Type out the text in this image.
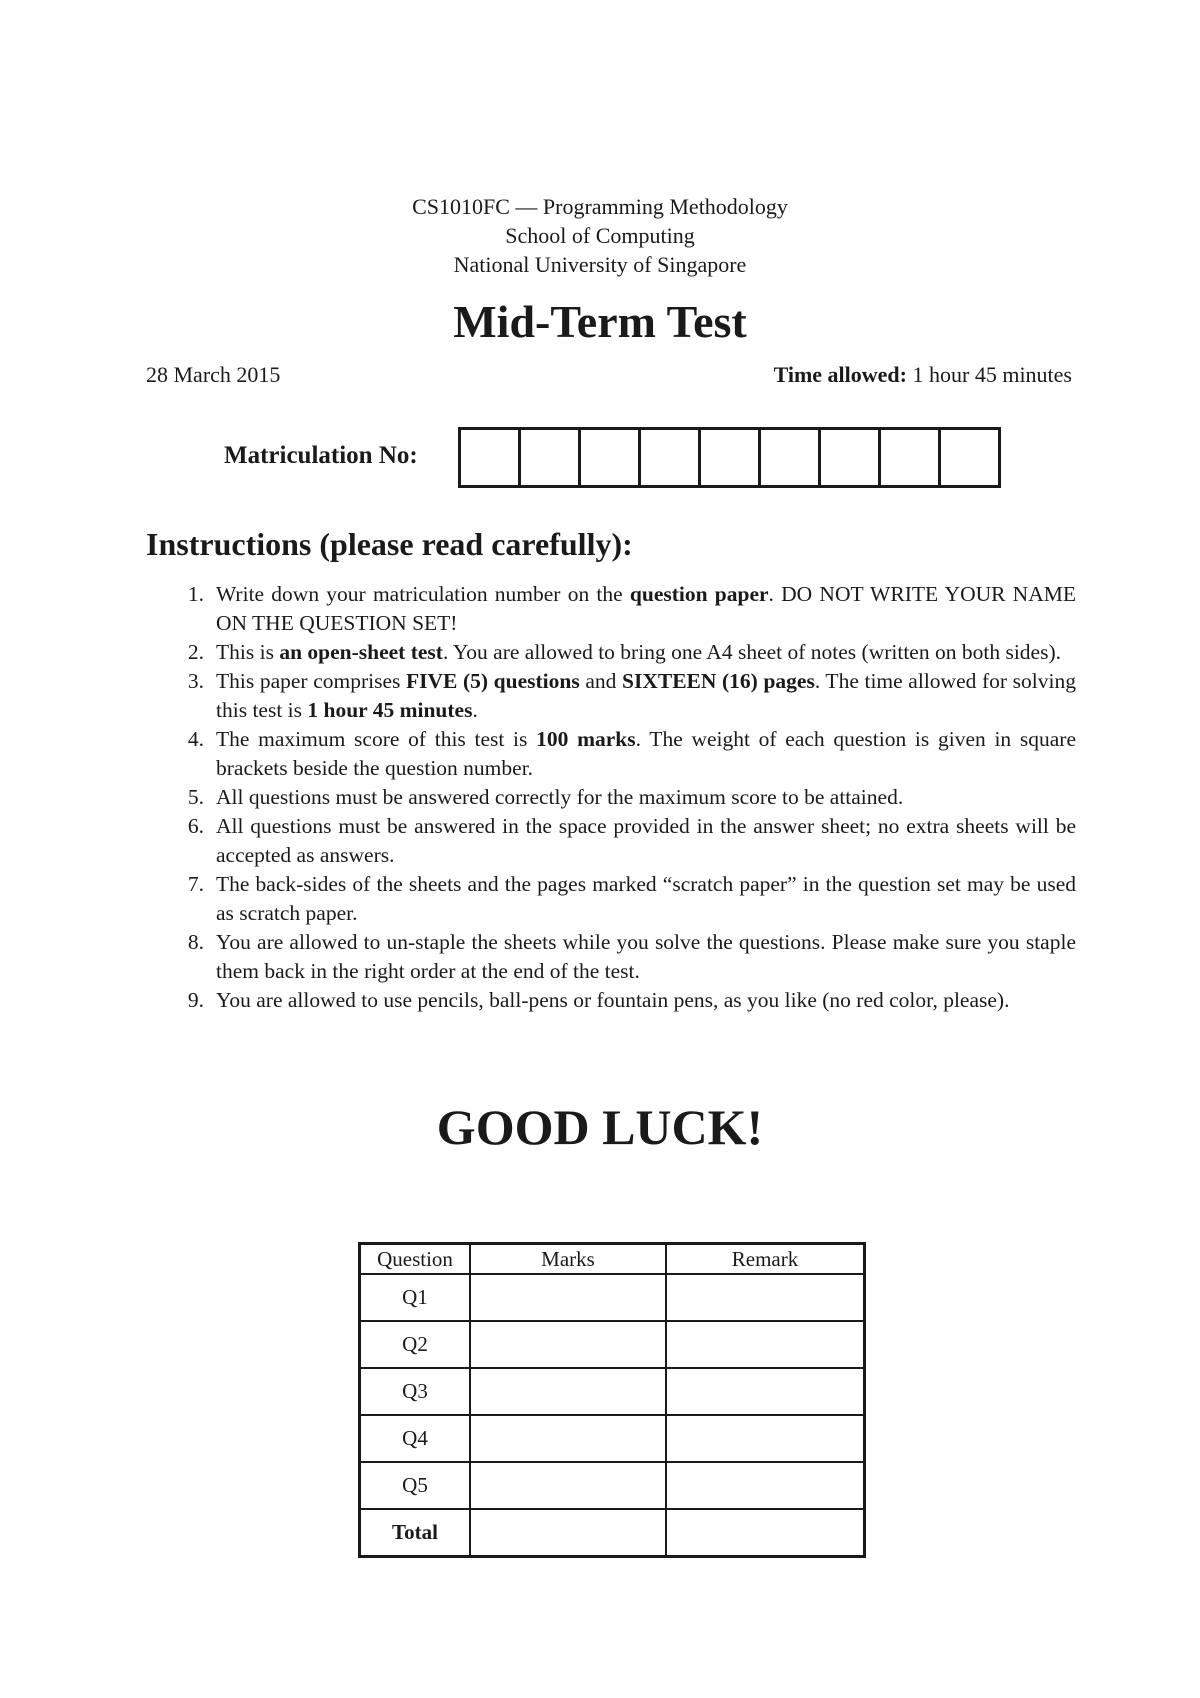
CS1010FC — Programming Methodology
School of Computing
National University of Singapore
Mid-Term Test
28 March 2015	Time allowed: 1 hour 45 minutes
Matriculation No:
Instructions (please read carefully):
1. Write down your matriculation number on the question paper. DO NOT WRITE YOUR NAME ON THE QUESTION SET!
2. This is an open-sheet test. You are allowed to bring one A4 sheet of notes (written on both sides).
3. This paper comprises FIVE (5) questions and SIXTEEN (16) pages. The time allowed for solving this test is 1 hour 45 minutes.
4. The maximum score of this test is 100 marks. The weight of each question is given in square brackets beside the question number.
5. All questions must be answered correctly for the maximum score to be attained.
6. All questions must be answered in the space provided in the answer sheet; no extra sheets will be accepted as answers.
7. The back-sides of the sheets and the pages marked “scratch paper” in the question set may be used as scratch paper.
8. You are allowed to un-staple the sheets while you solve the questions. Please make sure you staple them back in the right order at the end of the test.
9. You are allowed to use pencils, ball-pens or fountain pens, as you like (no red color, please).
GOOD LUCK!
Question	Marks	Remark
Q1		
Q2		
Q3		
Q4		
Q5		
Total		
